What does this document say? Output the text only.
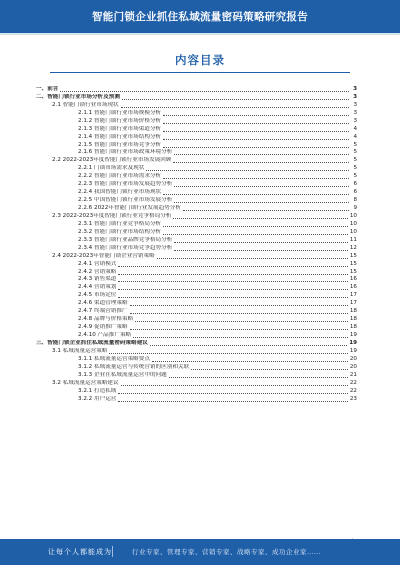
智能门锁企业抓住私域流量密码策略研究报告
内容目录
一、前言	3
二、智能门锁行业市场分析及预测	3
2.1 智能门锁行业市场现状	3
2.1.1 智能门锁行业市场规模分析	3
2.1.2 智能门锁行业市场价格分析	3
2.1.3 智能门锁行业市场渠道分析	4
2.1.4 智能门锁行业市场结构分析	4
2.1.5 智能门锁行业市场竞争分析	5
2.1.6 智能门锁行业市场政策环境分析	5
2.2 2022-2023年度智能门锁行业市场发展回顾	5
2.2.1 门锁市场需求及现状	5
2.2.2 智能门锁行业市场需求分析	5
2.2.3 智能门锁行业市场发展趋势分析	6
2.2.4 我国智能门锁行业市场现状	6
2.2.5 中国智能门锁行业市场发展分析	8
2.2.6 2022年智能门锁行业发展趋势分析	9
2.3 2022-2023年度智能门锁行业竞争格局分析	10
2.3.1 智能门锁行业竞争格局分析	10
2.3.2 智能门锁行业市场结构分析	10
2.3.3 智能门锁行业品牌竞争格局分析	11
2.3.4 智能门锁行业市场竞争趋势分析	12
2.4 2022-2023年智能门锁企业营销策略	15
2.4.1 营销模式	15
2.4.2 营销策略	15
2.4.3 销售渠道	16
2.4.4 营销策划	16
2.4.5 市场定位	17
2.4.6 渠道管理策略	17
2.4.7 终端营销推广	18
2.4.8 品牌与价格策略	18
2.4.9 促销推广策略	18
2.4.10 产品推广策略	19
三、智能门锁企业抓住私域流量密码策略建议	19
3.1 私域流量运营策略	19
3.1.1 私域流量运营策略要点	20
3.1.2 私域流量运营与传统营销的区别和关联	20
3.1.3 企业在私域流量运营中的问题	21
3.2 私域流量运营策略建议	22
3.2.1 打造私域	22
3.2.2 用户运营	23
让每个人都能成为	行业专家、管理专家、营销专家、战略专家、成功企业家……
